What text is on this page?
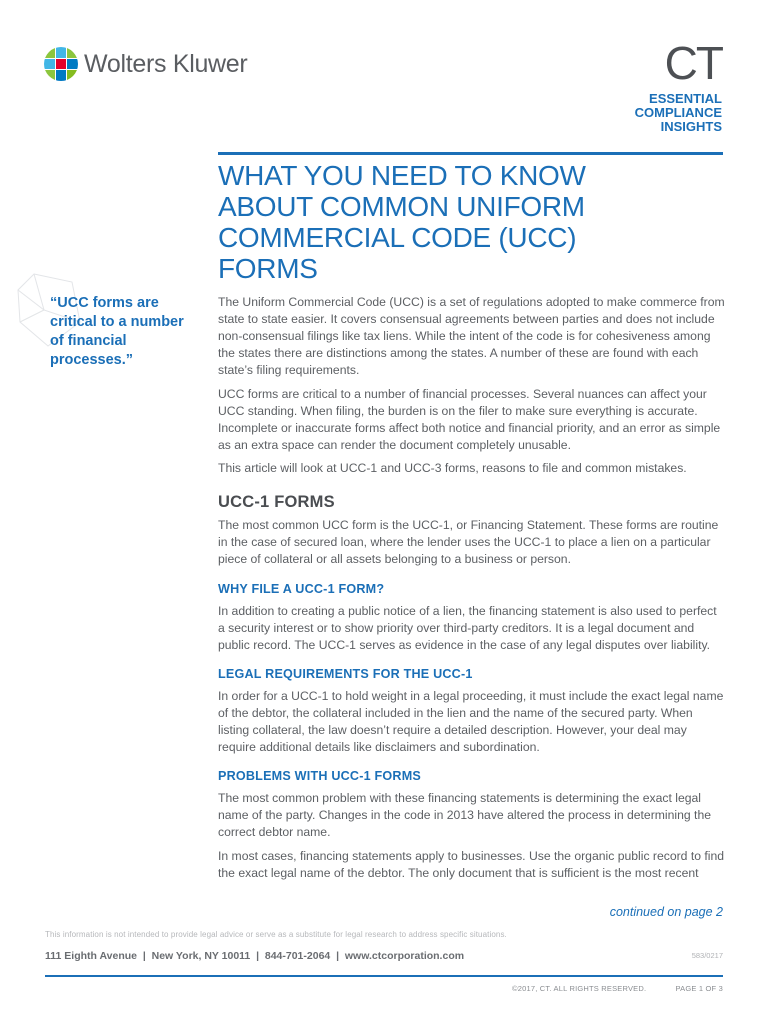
Wolters Kluwer	CT
ESSENTIAL
COMPLIANCE
INSIGHTS
WHAT YOU NEED TO KNOW ABOUT COMMON UNIFORM COMMERCIAL CODE (UCC) FORMS
“UCC forms are critical to a number of financial processes.”

The Uniform Commercial Code (UCC) is a set of regulations adopted to make commerce from state to state easier. It covers consensual agreements between parties and does not include non-consensual filings like tax liens. While the intent of the code is for cohesiveness among the states there are distinctions among the states. A number of these are found with each state’s filing requirements.

UCC forms are critical to a number of financial processes. Several nuances can affect your UCC standing. When filing, the burden is on the filer to make sure everything is accurate. Incomplete or inaccurate forms affect both notice and financial priority, and an error as simple as an extra space can render the document completely unusable.

This article will look at UCC-1 and UCC-3 forms, reasons to file and common mistakes.

UCC-1 FORMS

The most common UCC form is the UCC-1, or Financing Statement. These forms are routine in the case of secured loan, where the lender uses the UCC-1 to place a lien on a particular piece of collateral or all assets belonging to a business or person.

WHY FILE A UCC-1 FORM?

In addition to creating a public notice of a lien, the financing statement is also used to perfect a security interest or to show priority over third-party creditors. It is a legal document and public record. The UCC-1 serves as evidence in the case of any legal disputes over liability.

LEGAL REQUIREMENTS FOR THE UCC-1

In order for a UCC-1 to hold weight in a legal proceeding, it must include the exact legal name of the debtor, the collateral included in the lien and the name of the secured party. When listing collateral, the law doesn’t require a detailed description. However, your deal may require additional details like disclaimers and subordination.

PROBLEMS WITH UCC-1 FORMS

The most common problem with these financing statements is determining the exact legal name of the party. Changes in the code in 2013 have altered the process in determining the correct debtor name.

In most cases, financing statements apply to businesses. Use the organic public record to find the exact legal name of the debtor. The only document that is sufficient is the most recent

continued on page 2
This information is not intended to provide legal advice or serve as a substitute for legal research to address specific situations.
111 Eighth Avenue  |  New York, NY 10011  |  844-701-2064  |  www.ctcorporation.com	583/0217
©2017, CT. ALL RIGHTS RESERVED.	PAGE 1 OF 3
